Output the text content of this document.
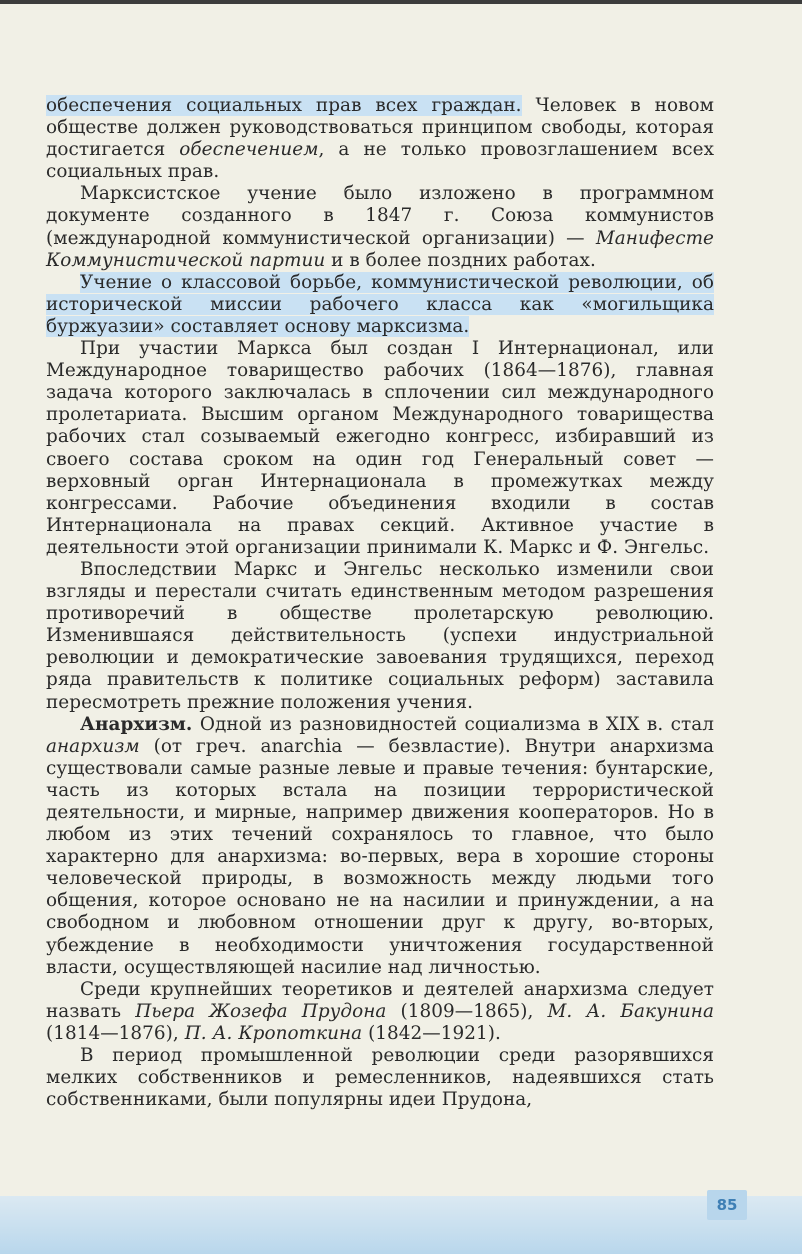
обеспечения социальных прав всех граждан. Человек в новом обществе должен руководствоваться принципом свободы, которая достигается обеспечением, а не только провозглашением всех социальных прав.

Марксистское учение было изложено в программном документе созданного в 1847 г. Союза коммунистов (международной коммунистической организации) — Манифесте Коммунистической партии и в более поздних работах.

Учение о классовой борьбе, коммунистической революции, об исторической миссии рабочего класса как «могильщика буржуазии» составляет основу марксизма.

При участии Маркса был создан I Интернационал, или Международное товарищество рабочих (1864—1876), главная задача которого заключалась в сплочении сил международного пролетариата. Высшим органом Международного товарищества рабочих стал созываемый ежегодно конгресс, избиравший из своего состава сроком на один год Генеральный совет — верховный орган Интернационала в промежутках между конгрессами. Рабочие объединения входили в состав Интернационала на правах секций. Активное участие в деятельности этой организации принимали К. Маркс и Ф. Энгельс.

Впоследствии Маркс и Энгельс несколько изменили свои взгляды и перестали считать единственным методом разрешения противоречий в обществе пролетарскую революцию. Изменившаяся действительность (успехи индустриальной революции и демократические завоевания трудящихся, переход ряда правительств к политике социальных реформ) заставила пересмотреть прежние положения учения.

Анархизм. Одной из разновидностей социализма в XIX в. стал анархизм (от греч. anarchia — безвластие). Внутри анархизма существовали самые разные левые и правые течения: бунтарские, часть из которых встала на позиции террористической деятельности, и мирные, например движения кооператоров. Но в любом из этих течений сохранялось то главное, что было характерно для анархизма: во-первых, вера в хорошие стороны человеческой природы, в возможность между людьми того общения, которое основано не на насилии и принуждении, а на свободном и любовном отношении друг к другу, во-вторых, убеждение в необходимости уничтожения государственной власти, осуществляющей насилие над личностью.

Среди крупнейших теоретиков и деятелей анархизма следует назвать Пьера Жозефа Прудона (1809—1865), М. А. Бакунина (1814—1876), П. А. Кропоткина (1842—1921).

В период промышленной революции среди разорявшихся мелких собственников и ремесленников, надеявшихся стать собственниками, были популярны идеи Прудона,

85
